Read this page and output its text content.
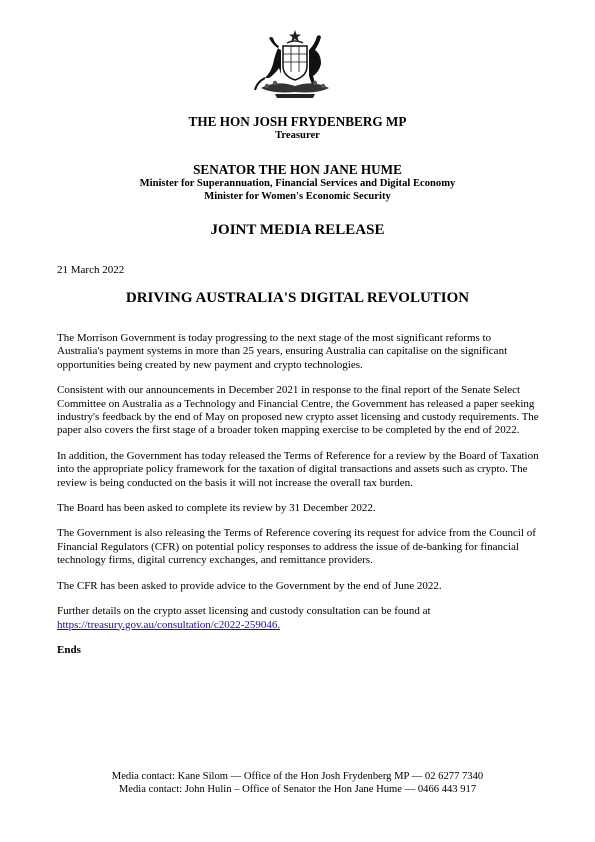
THE HON JOSH FRYDENBERG MP
Treasurer
SENATOR THE HON JANE HUME
Minister for Superannuation, Financial Services and Digital Economy
Minister for Women's Economic Security
JOINT MEDIA RELEASE
21 March 2022
DRIVING AUSTRALIA'S DIGITAL REVOLUTION

The Morrison Government is today progressing to the next stage of the most significant reforms to Australia's payment systems in more than 25 years, ensuring Australia can capitalise on the significant opportunities being created by new payment and crypto technologies.

Consistent with our announcements in December 2021 in response to the final report of the Senate Select Committee on Australia as a Technology and Financial Centre, the Government has released a paper seeking industry's feedback by the end of May on proposed new crypto asset licensing and custody requirements. The paper also covers the first stage of a broader token mapping exercise to be completed by the end of 2022.

In addition, the Government has today released the Terms of Reference for a review by the Board of Taxation into the appropriate policy framework for the taxation of digital transactions and assets such as crypto. The review is being conducted on the basis it will not increase the overall tax burden.

The Board has been asked to complete its review by 31 December 2022.

The Government is also releasing the Terms of Reference covering its request for advice from the Council of Financial Regulators (CFR) on potential policy responses to address the issue of de-banking for financial technology firms, digital currency exchanges, and remittance providers.

The CFR has been asked to provide advice to the Government by the end of June 2022.

Further details on the crypto asset licensing and custody consultation can be found at
https://treasury.gov.au/consultation/c2022-259046.

Ends

Media contact: Kane Silom — Office of the Hon Josh Frydenberg MP — 02 6277 7340
Media contact: John Hulin – Office of Senator the Hon Jane Hume — 0466 443 917
